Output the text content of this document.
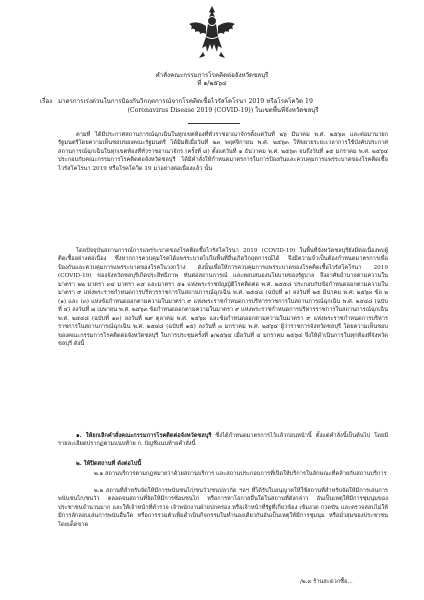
คำสั่งคณะกรรมการโรคติดต่อจังหวัดชลบุรี
ที่ ๑/๒๕๖๔
เรื่อง มาตรการเร่งด่วนในการป้องกันวิกฤตการณ์จากโรคติดเชื้อไวรัสโคโรนา 2019 หรือโรคโควิด 19
(Coronavirus Disease 2019 (COVID-19)) ในเขตพื้นที่จังหวัดชลบุรี
ตามที่ ได้มีประกาศสถานการณ์ฉุกเฉินในทุกเขตท้องที่ทั่วราชอาณาจักรตั้งแต่วันที่ ๒๖ มีนาคม พ.ศ. ๒๕๖๓ และต่อมานายกรัฐมนตรีโดยความเห็นชอบของคณะรัฐมนตรี ได้มีมติเมื่อวันที่ ๒๓ พฤศจิกายน พ.ศ. ๒๕๖๓ ให้ขยายระยะเวลาการใช้บังคับประกาศสถานการณ์ฉุกเฉินในทุกเขตท้องที่ทั่วราชอาณาจักร (ครั้งที่ ๘) ตั้งแต่วันที่ ๑ ธันวาคม พ.ศ. ๒๕๖๓ จนถึงวันที่ ๑๕ มกราคม พ.ศ. ๒๕๖๔ ประกอบกับคณะกรรมการโรคติดต่อจังหวัดชลบุรี ได้มีคำสั่งให้กำหนดมาตรการในการป้องกันและควบคุมการแพร่ระบาดของโรคติดเชื้อไวรัสโคโรนา 2019 หรือโรคโควิด 19 มาอย่างต่อเนื่องแล้ว นั้น
โดยปัจจุบันสถานการณ์การแพร่ระบาดของโรคติดเชื้อไวรัสโคโรนา 2019 (COVID-19) ในพื้นที่จังหวัดชลบุรียังมีต่อเนื่องพบผู้ติดเชื้ออย่างต่อเนื่อง ซึ่งหากการควบคุมโรคได้แพร่ระบาดไปในพื้นที่อื่นเกิดวิกฤตการณ์ได้ จึงมีความจำเป็นต้องกำหนดมาตรการเพื่อป้องกันและควบคุมการแพร่ระบาดของโรคในวงกว้าง ดังนั้นเพื่อให้การควบคุมการแพร่ระบาดของโรคติดเชื้อไวรัสโคโรนา 2019 (COVID-19) ของจังหวัดชลบุรีเกิดประสิทธิภาพ ทันต่อสถานการณ์ และตอบสนองนโยบายของรัฐบาล จึงอาศัยอำนาจตามความในมาตรา ๒๒ มาตรา ๓๔ มาตรา ๓๕ และมาตรา ๕๑ แห่งพระราชบัญญัติโรคติดต่อ พ.ศ. ๒๕๕๘ ประกอบกับข้อกำหนดออกตามความในมาตรา ๙ แห่งพระราชกำหนดการบริหารราชการในสถานการณ์ฉุกเฉิน พ.ศ. ๒๕๔๘ (ฉบับที่ ๑) ลงวันที่ ๒๕ มีนาคม พ.ศ. ๒๕๖๓ ข้อ ๒ (๑) และ (๓) แห่งข้อกำหนดออกตามความในมาตรา ๙ แห่งพระราชกำหนดการบริหารราชการในสถานการณ์ฉุกเฉิน พ.ศ. ๒๕๔๘ (ฉบับที่ ๔) ลงวันที่ ๗ เมษายน พ.ศ. ๒๕๖๓ ข้อกำหนดออกตามความในมาตรา ๙ แห่งพระราชกำหนดการบริหารราชการในสถานการณ์ฉุกเฉิน พ.ศ. ๒๕๔๘ (ฉบับที่ ๑๓) ลงวันที่ ๒๙ ตุลาคม พ.ศ. ๒๕๖๓ และข้อกำหนดออกตามความในมาตรา ๙ แห่งพระราชกำหนดการบริหารราชการในสถานการณ์ฉุกเฉิน พ.ศ. ๒๕๔๘ (ฉบับที่ ๑๕) ลงวันที่ ๓ มกราคม พ.ศ. ๒๕๖๔ ผู้ว่าราชการจังหวัดชลบุรี โดยความเห็นชอบของคณะกรรมการโรคติดต่อจังหวัดชลบุรี ในการประชุมครั้งที่ ๑/๒๕๖๔ เมื่อวันที่ ๔ มกราคม ๒๕๖๔ จึงให้ดำเนินการในทุกท้องที่จังหวัดชลบุรี ดังนี้
๑. ให้ยกเลิกคำสั่งคณะกรรมการโรคติดต่อจังหวัดชลบุรี ซึ่งได้กำหนดมาตรการไว้แล้วก่อนหน้านี้ ตั้งแต่คำสั่งนี้เป็นต้นไป โดยมีรายละเอียดปรากฏตามแนบท้าย ก. บัญชีแนบท้ายคำสั่งนี้
๒. ให้ปิดสถานที่ ดังต่อไปนี้
๒.๑ สถานบริการตามกฎหมายว่าด้วยสถานบริการ และสถานประกอบการที่เปิดให้บริการในลักษณะที่คล้ายกับสถานบริการ
๒.๒ สถานที่สำหรับจัดให้มีการพนันชนไก่/ชนวัว/ชนปลากัด ฯลฯ ที่ได้รับใบอนุญาตให้ใช้สถานที่สำหรับจัดให้มีการเล่นการพนันชนไก่/ชนวัว ตลอดจนสถานที่จัดให้มีการซ้อมชนไก่ หรือการหาโอกาสอื่นใดในสถานที่ดังกล่าว อันเป็นเหตุให้มีการชุมนุมของประชาชนจำนวนมาก และให้เจ้าหน้าที่ตำรวจ เจ้าพนักงานฝ่ายปกครอง หรือเจ้าหน้าที่รัฐที่เกี่ยวข้อง เข้มงวด กวดขัน และตรวจสอบไม่ให้มีการลักลอบเล่นการพนันอื่นใด หรือการรวมตัวเพื่อดำเนินกิจกรรมในทำนองเดียวกันอันเป็นเหตุให้มีการชุมนุม หรือมั่วสุมของประชาชนโดยเด็ดขาด
/๒.๓ ร้านสะดวกซื้อ...
